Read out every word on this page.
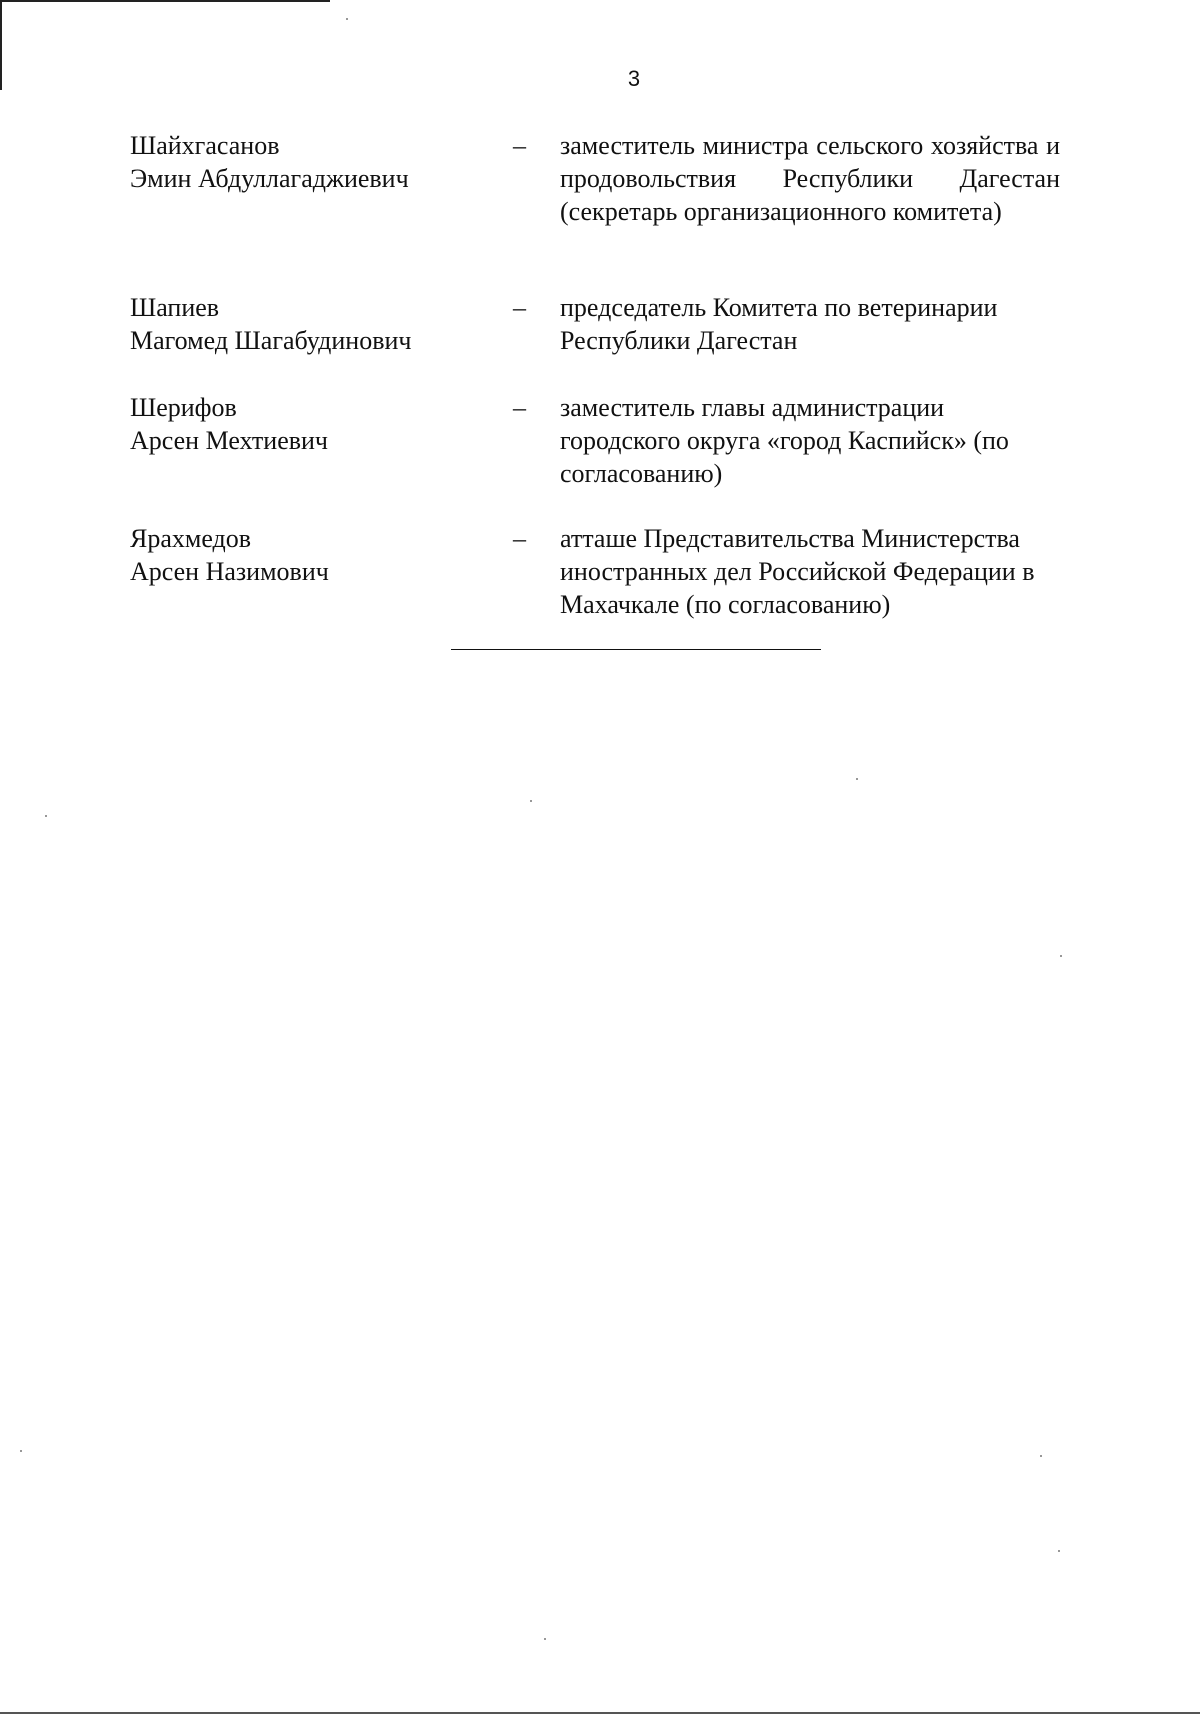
3
Шайхгасанов
Эмин Абдуллагаджиевич
– заместитель министра сельского хозяйства и продовольствия Республики Дагестан (секретарь организационного комитета)
Шапиев
Магомед Шагабудинович
– председатель Комитета по ветеринарии Республики Дагестан
Шерифов
Арсен Мехтиевич
– заместитель главы администрации городского округа «город Каспийск» (по согласованию)
Ярахмедов
Арсен Назимович
– атташе Представительства Министерства иностранных дел Российской Федерации в Махачкале (по согласованию)
